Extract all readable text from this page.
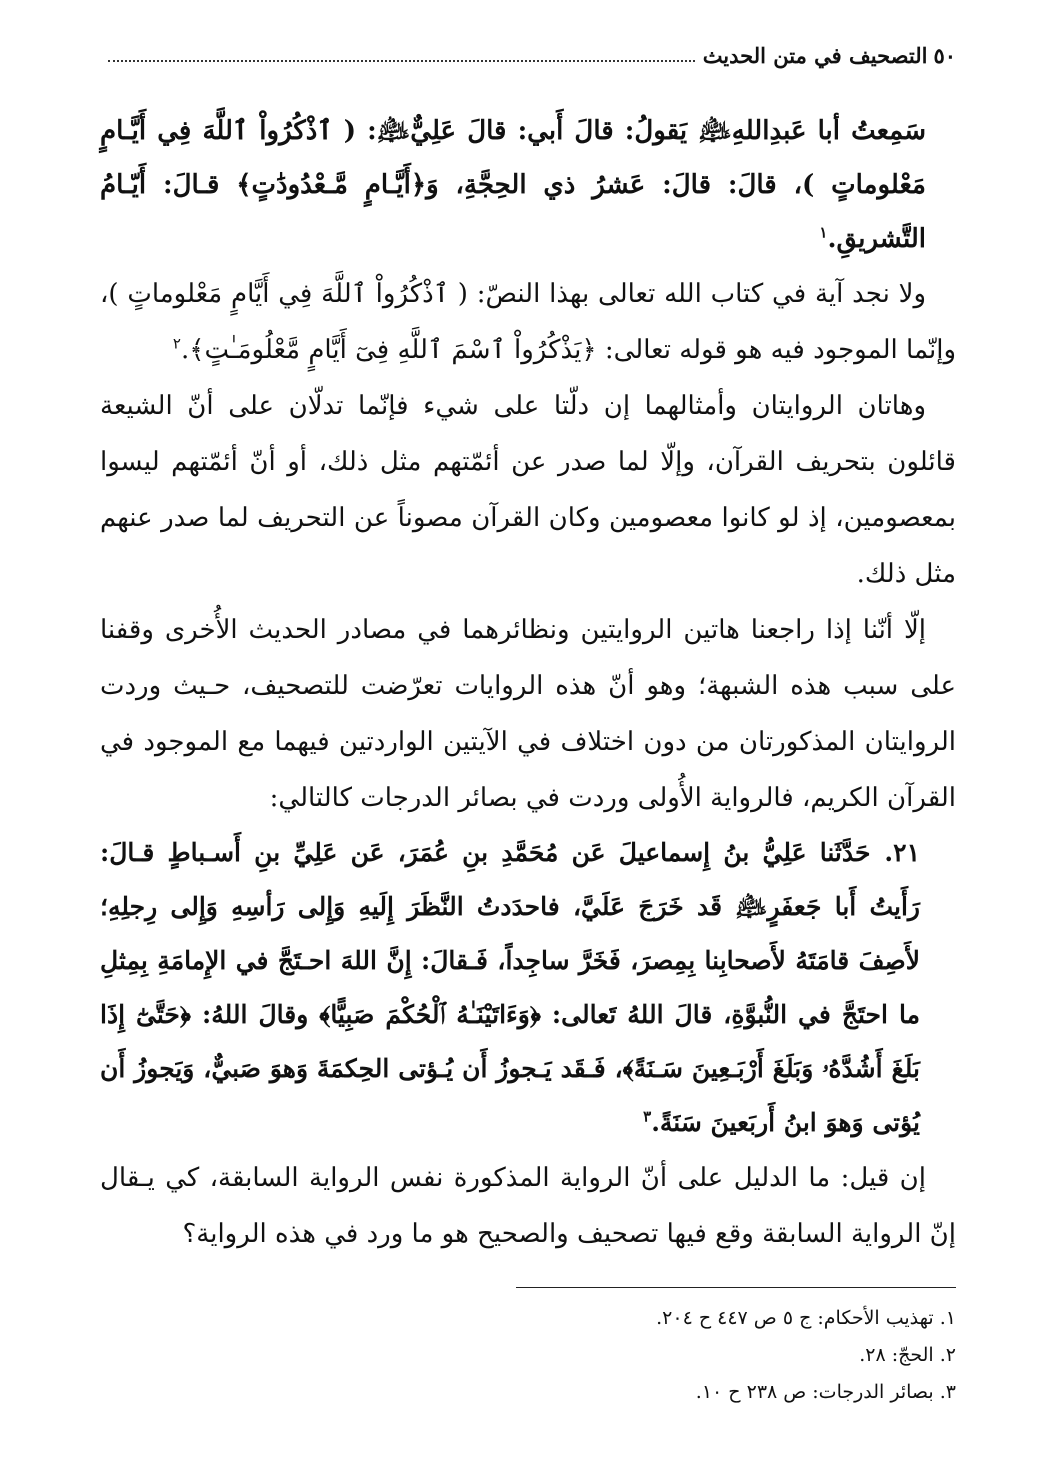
٥٠
التصحيف في متن الحديث
سَمِعتُ أبا عَبدِاللهِ﵇ يَقولُ: قالَ أَبي: قالَ عَلِيٌّ﵇: ( ٱذْكُرُواْ ٱللَّهَ فِي أَيَّـامٍ مَعْلوماتٍ )، قالَ: قالَ: عَشرُ ذي الحِجَّةِ، وَ﴿أَيَّـامٍ مَّـعْدُودَٰتٍ﴾ قـالَ: أَيّـامُ التَّشريقِ.$^١$

ولا نجد آية في كتاب الله تعالى بهذا النصّ: ( ٱذْكُرُواْ ٱللَّهَ فِي أَيَّامٍ مَعْلوماتٍ )، وإنّما الموجود فيه هو قوله تعالى: ﴿يَذْكُرُواْ ٱسْمَ ٱللَّهِ فِىٓ أَيَّامٍ مَّعْلُومَـٰتٍ﴾.$^٢$

وهاتان الروايتان وأمثالهما إن دلّتا على شيء فإنّما تدلّان على أنّ الشيعة قائلون بتحريف القرآن، وإلّا لما صدر عن أئمّتهم مثل ذلك، أو أنّ أئمّتهم ليسوا بمعصومين، إذ لو كانوا معصومين وكان القرآن مصوناً عن التحريف لما صدر عنهم مثل ذلك.

إلّا أنّنا إذا راجعنا هاتين الروايتين ونظائرهما في مصادر الحديث الأُخرى وقفنا على سبب هذه الشبهة؛ وهو أنّ هذه الروايات تعرّضت للتصحيف، حـيث وردت الروايتان المذكورتان من دون اختلاف في الآيتين الواردتين فيهما مع الموجود في القرآن الكريم، فالرواية الأُولى وردت في بصائر الدرجات كالتالي:

٢١.حَدَّثَنا عَلِيُّ بنُ إِسماعيلَ عَن مُحَمَّدِ بنِ عُمَرَ، عَن عَلِيِّ بنِ أَسـباطٍ قـالَ: رَأَيتُ أَبا جَعفَرٍ﵇ قَد خَرَجَ عَلَيَّ، فاحدَدتُ النَّظَرَ إِلَيهِ وَإِلى رَأسِهِ وَإِلى رِجلِهِ؛ لأَصِفَ قامَتَهُ لأَصحابِنا بِمِصرَ، فَخَرَّ ساجِداً، فَـقالَ: إِنَّ اللهَ احـتَجَّ في الإِمامَةِ بِمِثلِ ما احتَجَّ في النُّبوَّةِ، قالَ اللهُ تَعالى: ﴿وَءَاتَيْنَـٰهُ ٱلْحُكْمَ صَبِيًّا﴾ وقالَ اللهُ: ﴿حَتَّىٰٓ إِذَا بَلَغَ أَشُدَّهُۥ وَبَلَغَ أَرْبَـعِينَ سَـنَةً﴾، فَـقَد يَـجوزُ أَن يُـؤتى الحِكمَةَ وَهوَ صَبيٌّ، وَيَجوزُ أَن يُؤتى وَهوَ ابنُ أَربَعينَ سَنَةً.$^٣$

إن قيل: ما الدليل على أنّ الرواية المذكورة نفس الرواية السابقة، كي يـقال إنّ الرواية السابقة وقع فيها تصحيف والصحيح هو ما ورد في هذه الرواية؟

١. تهذيب الأحكام: ج ٥ ص ٤٤٧ ح ٢٠٤.
٢. الحجّ: ٢٨.
٣. بصائر الدرجات: ص ٢٣٨ ح ١٠.
